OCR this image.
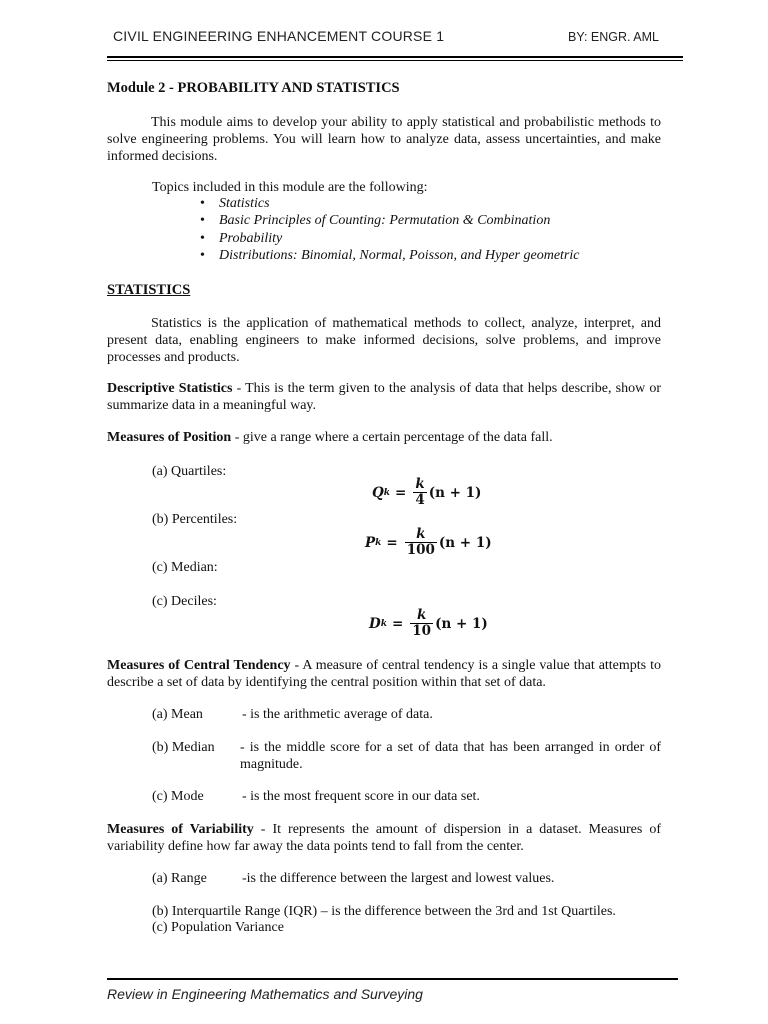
CIVIL ENGINEERING ENHANCEMENT COURSE 1	BY: ENGR. AML
Module 2 - PROBABILITY AND STATISTICS
This module aims to develop your ability to apply statistical and probabilistic methods to solve engineering problems. You will learn how to analyze data, assess uncertainties, and make informed decisions.
Topics included in this module are the following:
• Statistics
• Basic Principles of Counting: Permutation & Combination
• Probability
• Distributions: Binomial, Normal, Poisson, and Hyper geometric
STATISTICS
Statistics is the application of mathematical methods to collect, analyze, interpret, and present data, enabling engineers to make informed decisions, solve problems, and improve processes and products.
Descriptive Statistics - This is the term given to the analysis of data that helps describe, show or summarize data in a meaningful way.
Measures of Position - give a range where a certain percentage of the data fall.
(a) Quartiles:
Q $k = \frac{k}{4} (n + 1)$
(b) Percentiles:
P $k = \frac{k}{100} (n + 1)$
(c) Median:
(c) Deciles:
D $k = \frac{k}{10} (n + 1)$
Measures of Central Tendency - A measure of central tendency is a single value that attempts to describe a set of data by identifying the central position within that set of data.
(a) Mean	- is the arithmetic average of data.
(b) Median - is the middle score for a set of data that has been arranged in order of magnitude.
(c) Mode	- is the most frequent score in our data set.
Measures of Variability - It represents the amount of dispersion in a dataset. Measures of variability define how far away the data points tend to fall from the center.
(a) Range	-is the difference between the largest and lowest values.
(b) Interquartile Range (IQR) – is the difference between the 3rd and 1st Quartiles.
(c) Population Variance
Review in Engineering Mathematics and Surveying
